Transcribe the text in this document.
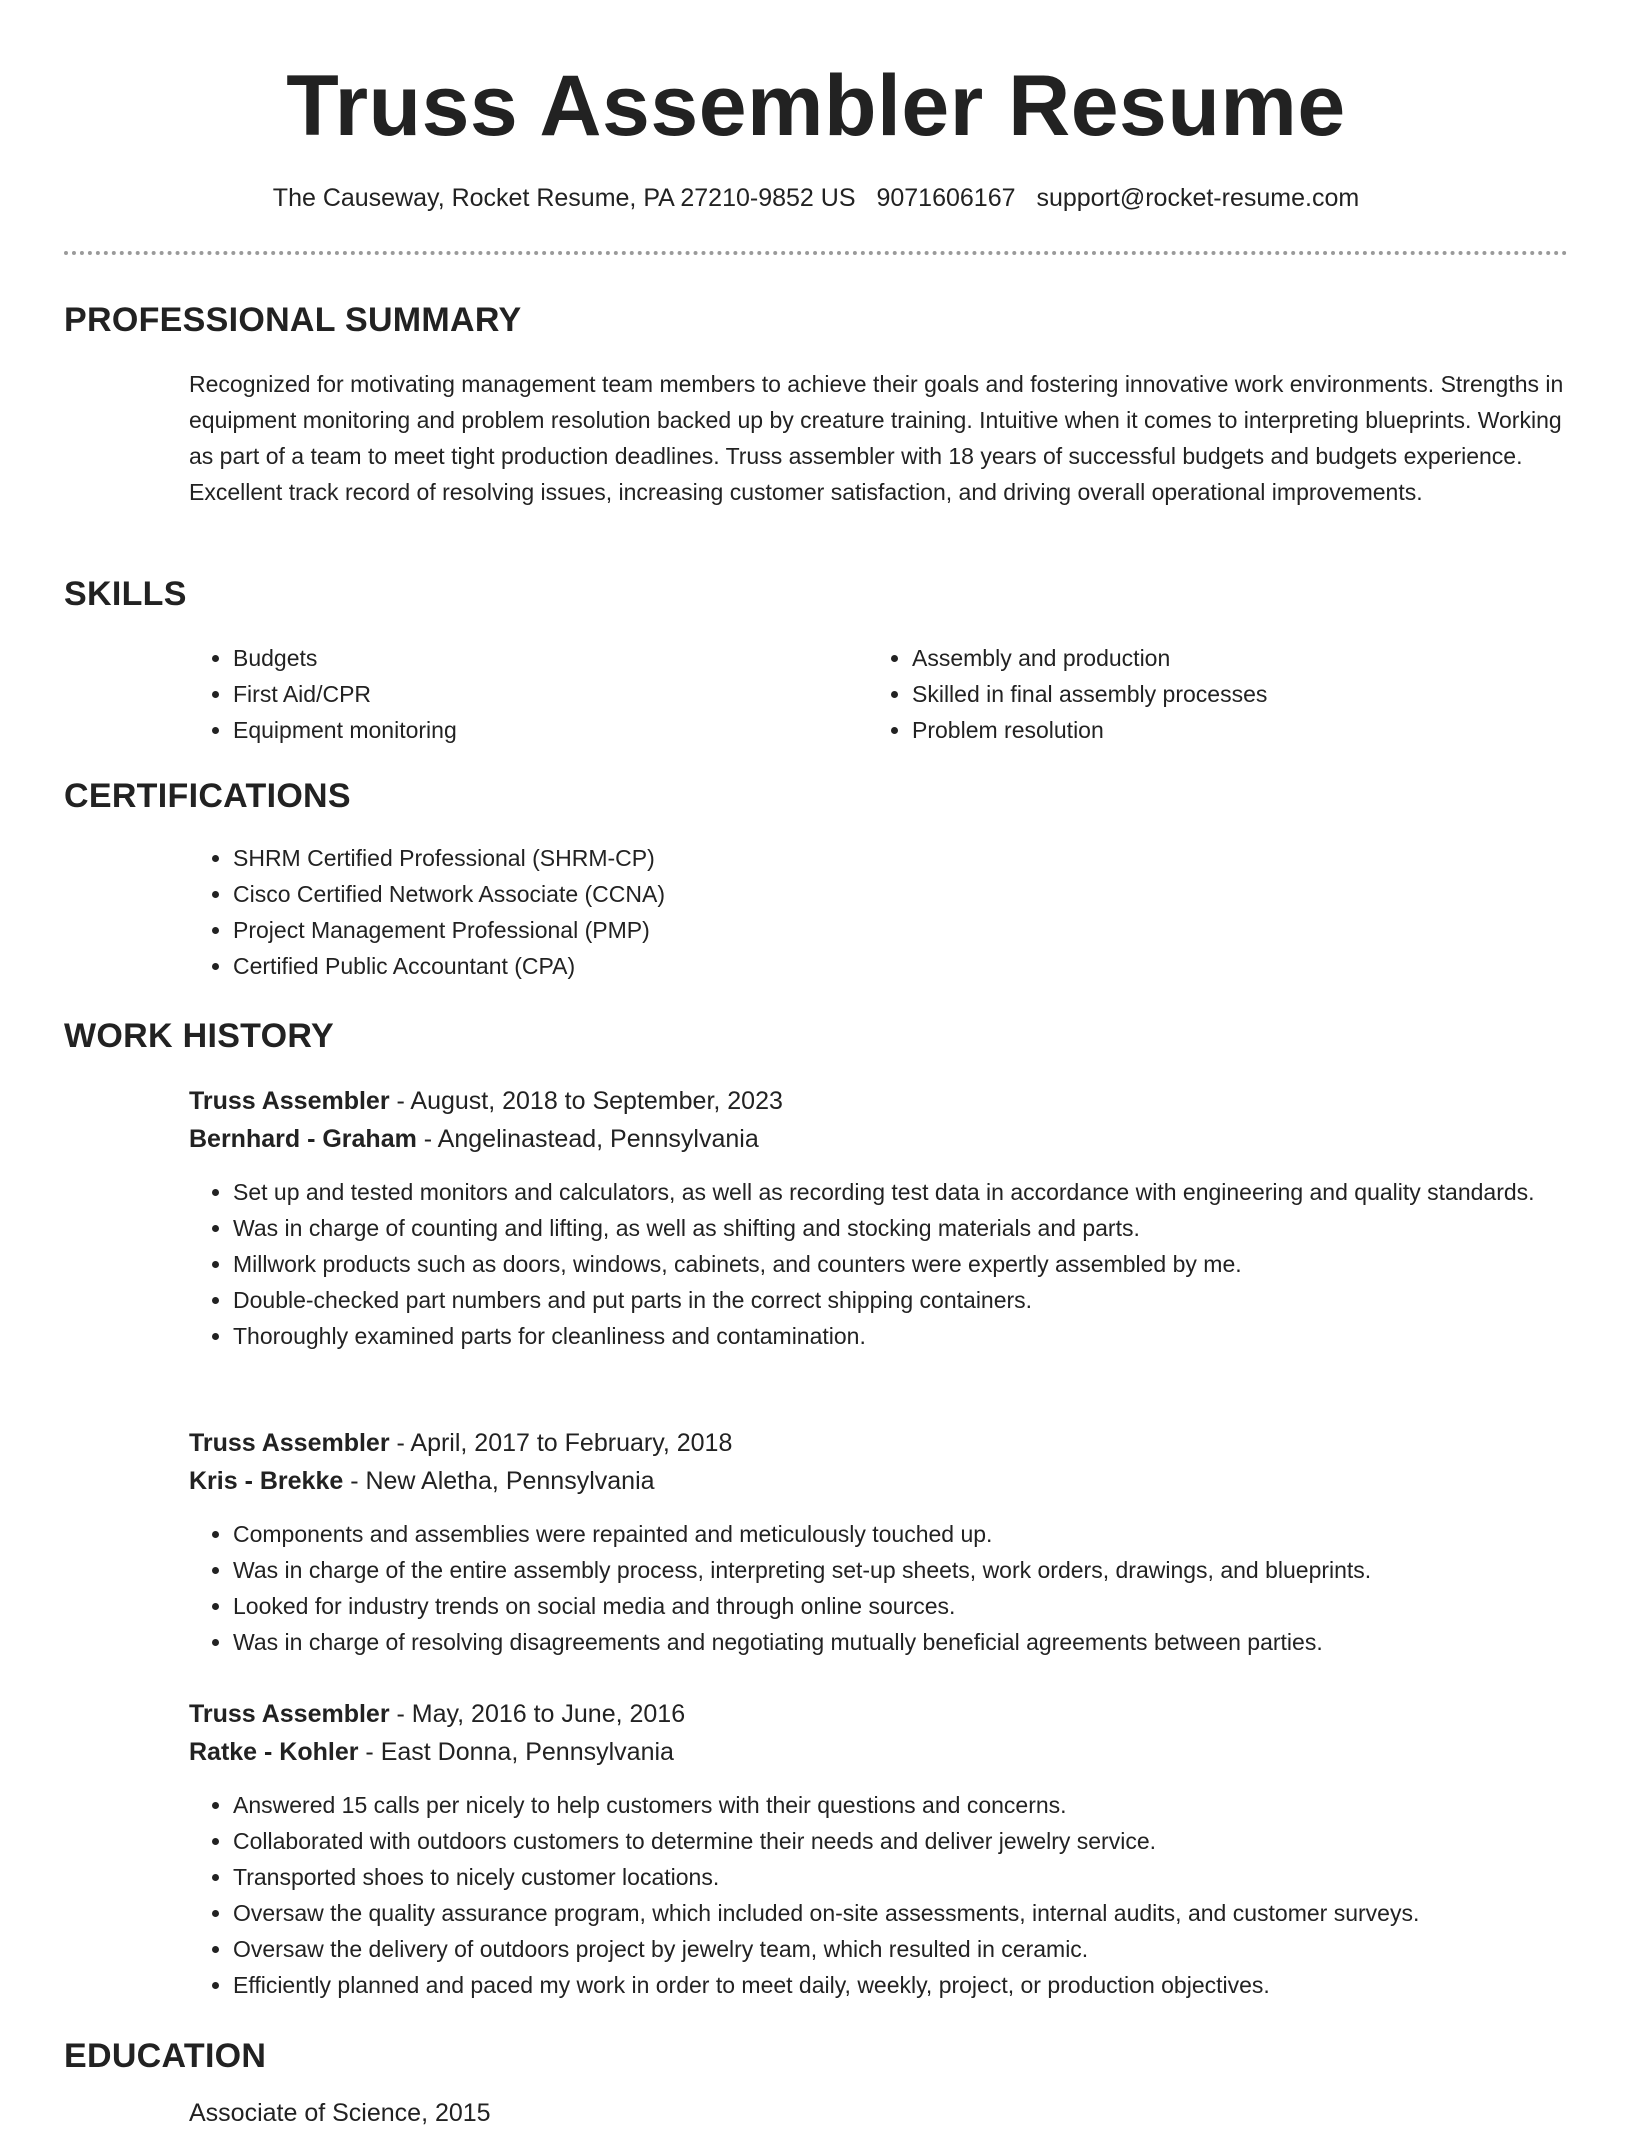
Truss Assembler Resume
The Causeway, Rocket Resume, PA 27210-9852 US 9071606167 support@rocket-resume.com
PROFESSIONAL SUMMARY

Recognized for motivating management team members to achieve their goals and fostering innovative work environments. Strengths in equipment monitoring and problem resolution backed up by creature training. Intuitive when it comes to interpreting blueprints. Working as part of a team to meet tight production deadlines. Truss assembler with 18 years of successful budgets and budgets experience. Excellent track record of resolving issues, increasing customer satisfaction, and driving overall operational improvements.

SKILLS
• Budgets
• First Aid/CPR
• Equipment monitoring
• Assembly and production
• Skilled in final assembly processes
• Problem resolution
CERTIFICATIONS
• SHRM Certified Professional (SHRM-CP)
• Cisco Certified Network Associate (CCNA)
• Project Management Professional (PMP)
• Certified Public Accountant (CPA)
WORK HISTORY

Truss Assembler - August, 2018 to September, 2023

Bernhard - Graham - Angelinastead, Pennsylvania

• Set up and tested monitors and calculators, as well as recording test data in accordance with engineering and quality standards.
• Was in charge of counting and lifting, as well as shifting and stocking materials and parts.
• Millwork products such as doors, windows, cabinets, and counters were expertly assembled by me.
• Double-checked part numbers and put parts in the correct shipping containers.
• Thoroughly examined parts for cleanliness and contamination.

Truss Assembler - April, 2017 to February, 2018

Kris - Brekke - New Aletha, Pennsylvania

• Components and assemblies were repainted and meticulously touched up.
• Was in charge of the entire assembly process, interpreting set-up sheets, work orders, drawings, and blueprints.
• Looked for industry trends on social media and through online sources.
• Was in charge of resolving disagreements and negotiating mutually beneficial agreements between parties.

Truss Assembler - May, 2016 to June, 2016

Ratke - Kohler - East Donna, Pennsylvania

• Answered 15 calls per nicely to help customers with their questions and concerns.
• Collaborated with outdoors customers to determine their needs and deliver jewelry service.
• Transported shoes to nicely customer locations.
• Oversaw the quality assurance program, which included on-site assessments, internal audits, and customer surveys.
• Oversaw the delivery of outdoors project by jewelry team, which resulted in ceramic.
• Efficiently planned and paced my work in order to meet daily, weekly, project, or production objectives.
EDUCATION
Associate of Science, 2015
